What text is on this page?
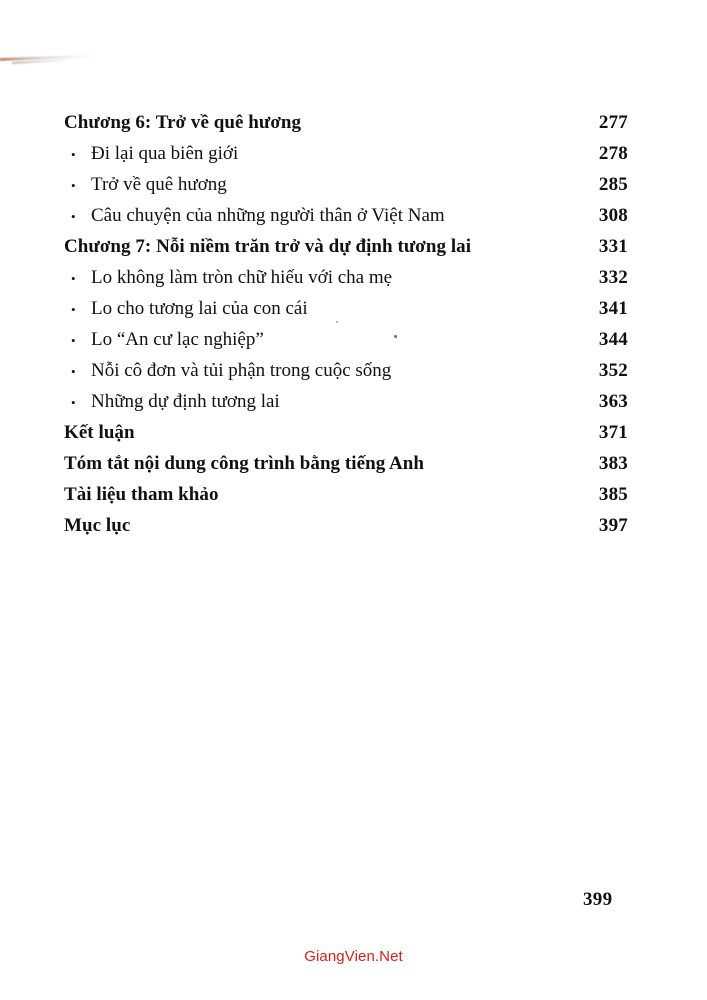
Chương 6: Trở về quê hương	277
• Đi lại qua biên giới	278
• Trở về quê hương	285
• Câu chuyện của những người thân ở Việt Nam	308
Chương 7: Nỗi niềm trăn trở và dự định tương lai	331
• Lo không làm tròn chữ hiếu với cha mẹ	332
• Lo cho tương lai của con cái	341
• Lo “An cư lạc nghiệp”	344
• Nỗi cô đơn và tủi phận trong cuộc sống	352
• Những dự định tương lai	363
Kết luận	371
Tóm tắt nội dung công trình bằng tiếng Anh	383
Tài liệu tham khảo	385
Mục lục	397
399
GiangVien.Net
